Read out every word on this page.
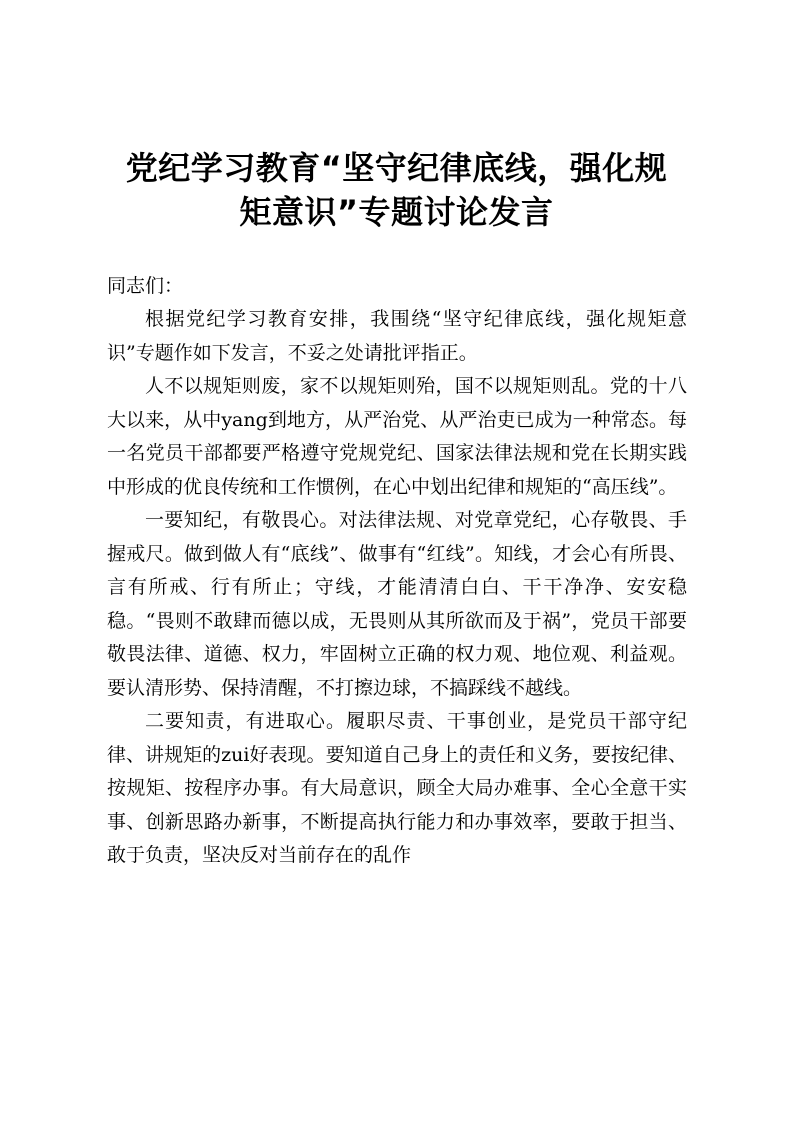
党纪学习教育“坚守纪律底线，强化规
矩意识”专题讨论发言

同志们：

根据党纪学习教育安排，我围绕“坚守纪律底线，强化规矩意识”专题作如下发言，不妥之处请批评指正。

人不以规矩则废，家不以规矩则殆，国不以规矩则乱。党的十八大以来，从中yang到地方，从严治党、从严治吏已成为一种常态。每一名党员干部都要严格遵守党规党纪、国家法律法规和党在长期实践中形成的优良传统和工作惯例，在心中划出纪律和规矩的“高压线”。

一要知纪，有敬畏心。对法律法规、对党章党纪，心存敬畏、手握戒尺。做到做人有“底线”、做事有“红线”。知线，才会心有所畏、言有所戒、行有所止；守线，才能清清白白、干干净净、安安稳稳。“畏则不敢肆而德以成，无畏则从其所欲而及于祸”，党员干部要敬畏法律、道德、权力，牢固树立正确的权力观、地位观、利益观。要认清形势、保持清醒，不打擦边球，不搞踩线不越线。

二要知责，有进取心。履职尽责、干事创业，是党员干部守纪律、讲规矩的zui好表现。要知道自己身上的责任和义务，要按纪律、按规矩、按程序办事。有大局意识，顾全大局办难事、全心全意干实事、创新思路办新事，不断提高执行能力和办事效率，要敢于担当、敢于负责，坚决反对当前存在的乱作
